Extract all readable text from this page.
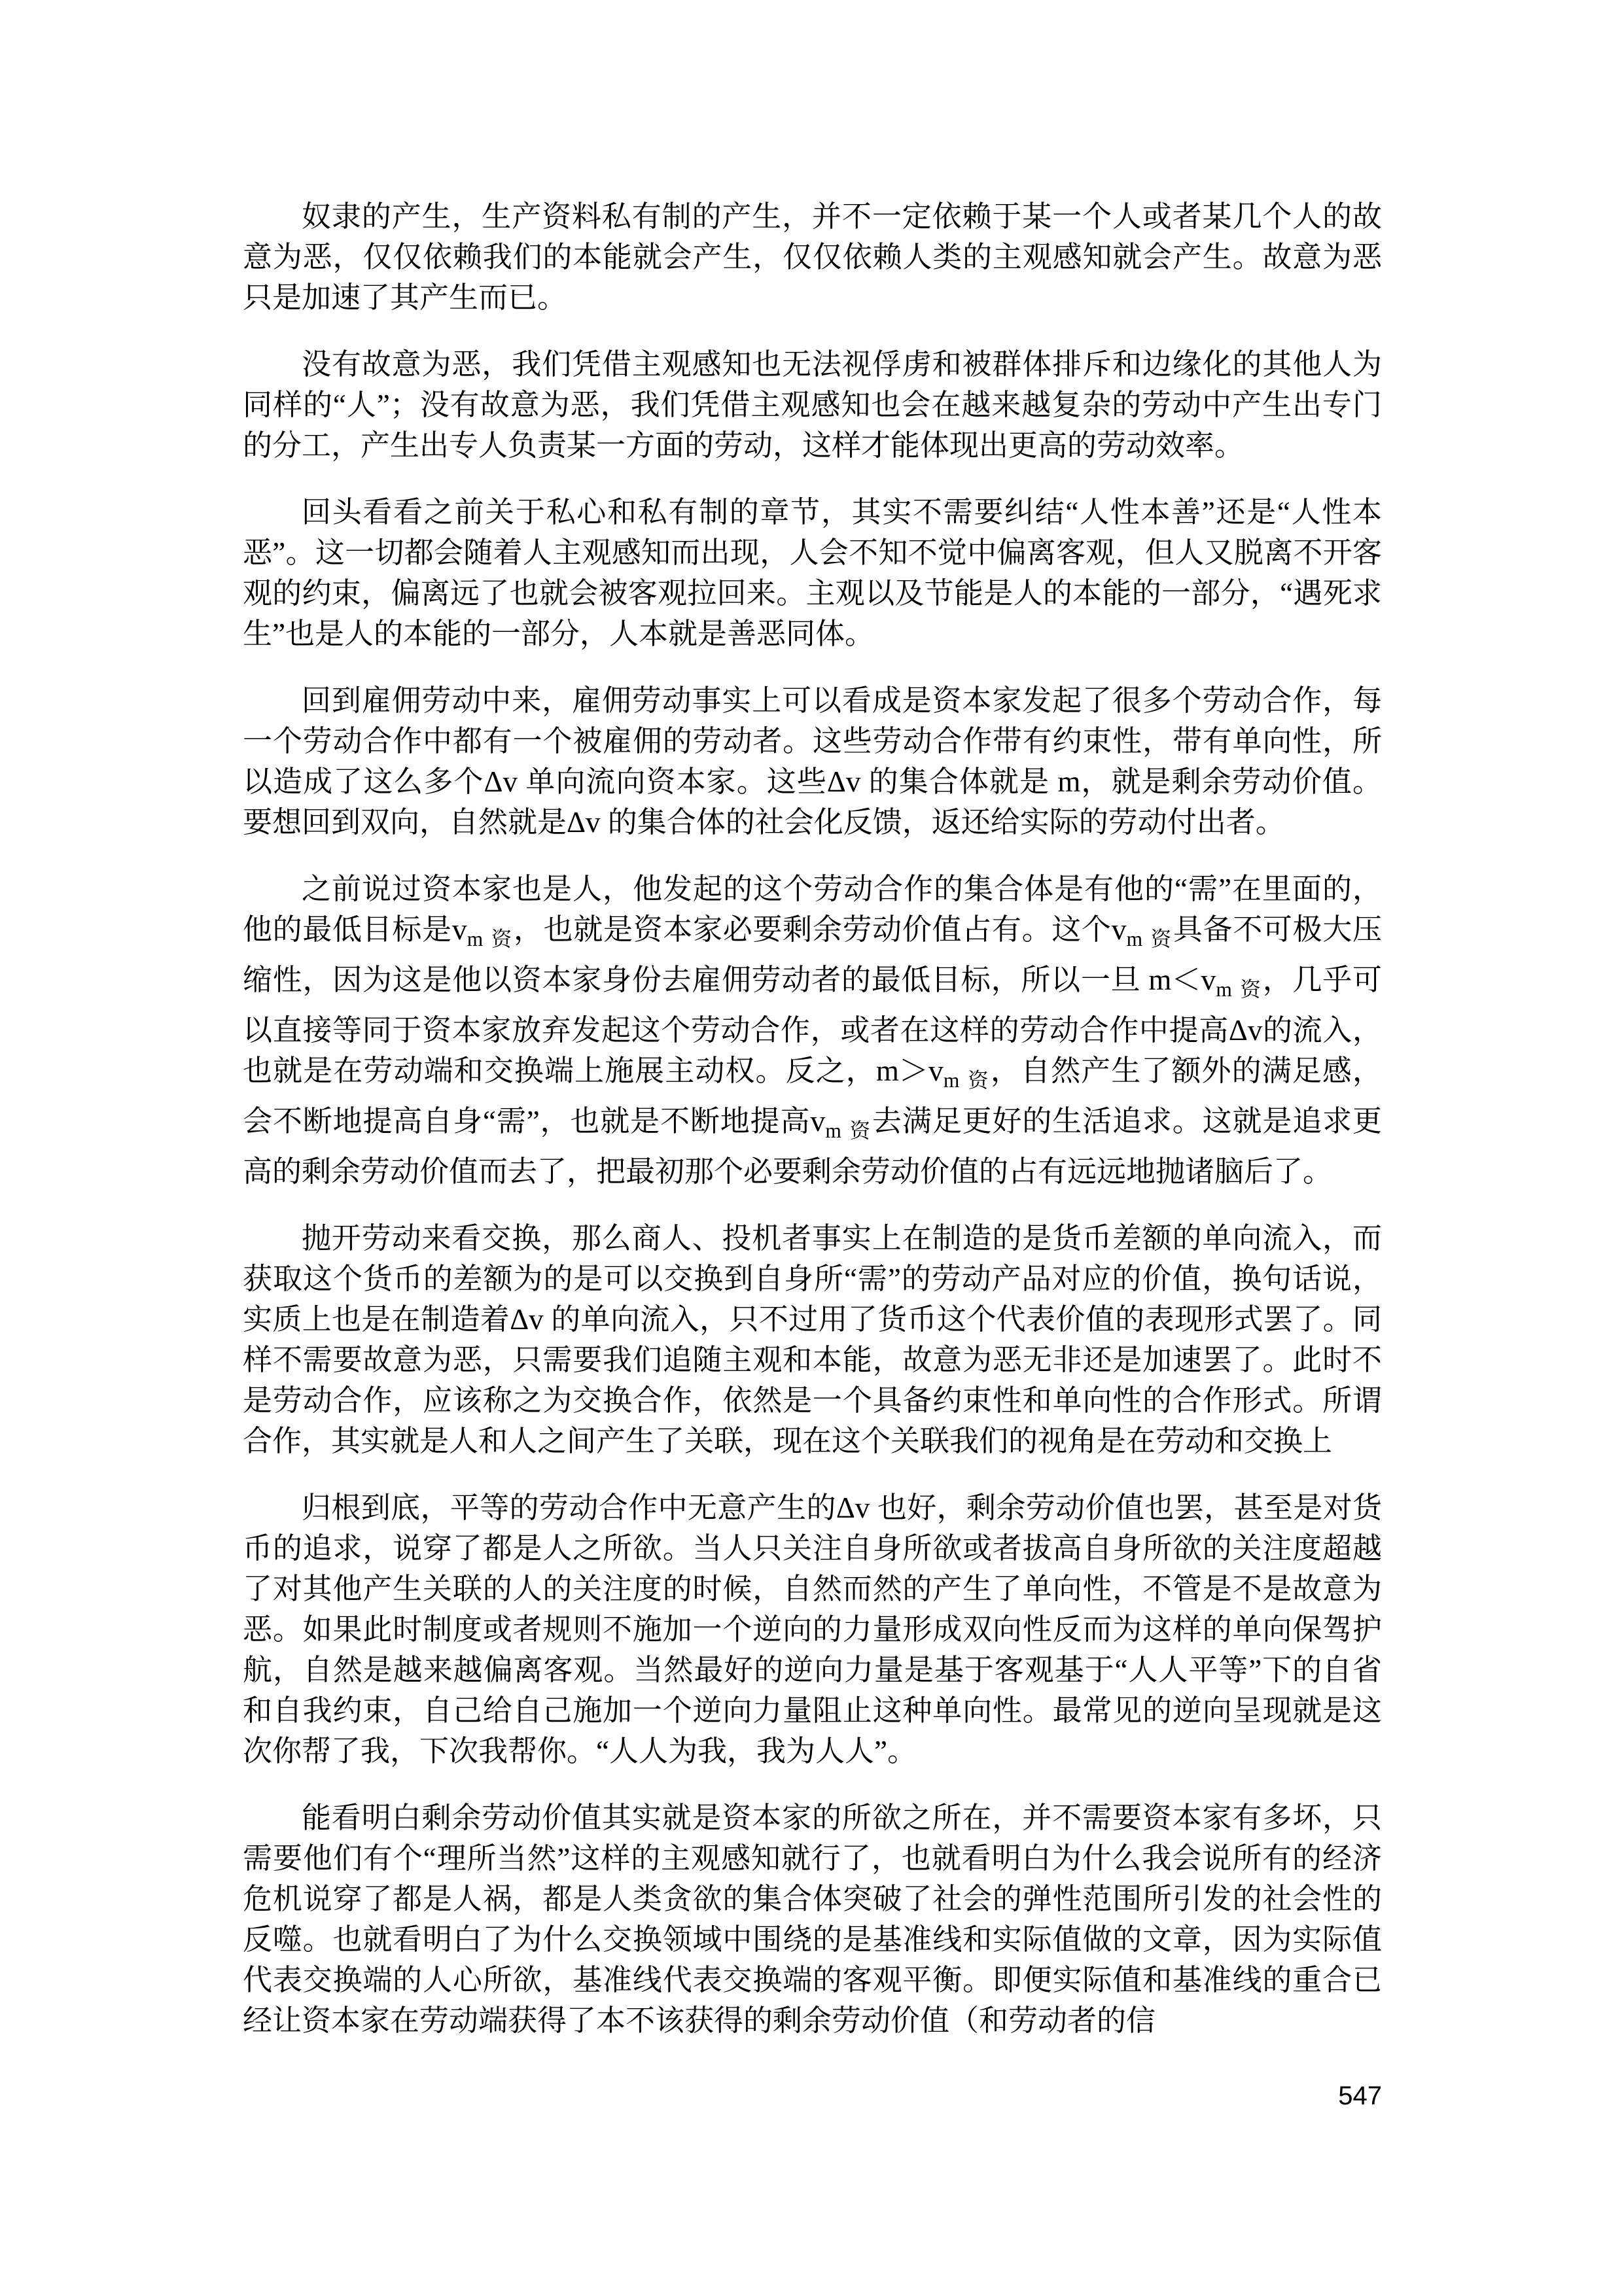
奴隶的产生，生产资料私有制的产生，并不一定依赖于某一个人或者某几个人的故意为恶，仅仅依赖我们的本能就会产生，仅仅依赖人类的主观感知就会产生。故意为恶只是加速了其产生而已。

没有故意为恶，我们凭借主观感知也无法视俘虏和被群体排斥和边缘化的其他人为同样的“人”；没有故意为恶，我们凭借主观感知也会在越来越复杂的劳动中产生出专门的分工，产生出专人负责某一方面的劳动，这样才能体现出更高的劳动效率。

回头看看之前关于私心和私有制的章节，其实不需要纠结“人性本善”还是“人性本恶”。这一切都会随着人主观感知而出现，人会不知不觉中偏离客观，但人又脱离不开客观的约束，偏离远了也就会被客观拉回来。主观以及节能是人的本能的一部分，“遇死求生”也是人的本能的一部分，人本就是善恶同体。

回到雇佣劳动中来，雇佣劳动事实上可以看成是资本家发起了很多个劳动合作，每一个劳动合作中都有一个被雇佣的劳动者。这些劳动合作带有约束性，带有单向性，所以造成了这么多个Δv 单向流向资本家。这些Δv 的集合体就是 m，就是剩余劳动价值。要想回到双向，自然就是Δv 的集合体的社会化反馈，返还给实际的劳动付出者。

之前说过资本家也是人，他发起的这个劳动合作的集合体是有他的“需”在里面的，他的最低目标是$v_{m 资}$，也就是资本家必要剩余劳动价值占有。这个$v_{m 资}$具备不可极大压缩性，因为这是他以资本家身份去雇佣劳动者的最低目标，所以一旦 $m<v_{m 资}$，几乎可以直接等同于资本家放弃发起这个劳动合作，或者在这样的劳动合作中提高Δv的流入，也就是在劳动端和交换端上施展主动权。反之，$m>v_{m 资}$，自然产生了额外的满足感，会不断地提高自身“需”，也就是不断地提高$v_{m 资}$去满足更好的生活追求。这就是追求更高的剩余劳动价值而去了，把最初那个必要剩余劳动价值的占有远远地抛诸脑后了。

抛开劳动来看交换，那么商人、投机者事实上在制造的是货币差额的单向流入，而获取这个货币的差额为的是可以交换到自身所“需”的劳动产品对应的价值，换句话说，实质上也是在制造着Δv 的单向流入，只不过用了货币这个代表价值的表现形式罢了。同样不需要故意为恶，只需要我们追随主观和本能，故意为恶无非还是加速罢了。此时不是劳动合作，应该称之为交换合作，依然是一个具备约束性和单向性的合作形式。所谓合作，其实就是人和人之间产生了关联，现在这个关联我们的视角是在劳动和交换上

归根到底，平等的劳动合作中无意产生的Δv 也好，剩余劳动价值也罢，甚至是对货币的追求，说穿了都是人之所欲。当人只关注自身所欲或者拔高自身所欲的关注度超越了对其他产生关联的人的关注度的时候，自然而然的产生了单向性，不管是不是故意为恶。如果此时制度或者规则不施加一个逆向的力量形成双向性反而为这样的单向保驾护航，自然是越来越偏离客观。当然最好的逆向力量是基于客观基于“人人平等”下的自省和自我约束，自己给自己施加一个逆向力量阻止这种单向性。最常见的逆向呈现就是这次你帮了我，下次我帮你。“人人为我，我为人人”。

能看明白剩余劳动价值其实就是资本家的所欲之所在，并不需要资本家有多坏，只需要他们有个“理所当然”这样的主观感知就行了，也就看明白为什么我会说所有的经济危机说穿了都是人祸，都是人类贪欲的集合体突破了社会的弹性范围所引发的社会性的反噬。也就看明白了为什么交换领域中围绕的是基准线和实际值做的文章，因为实际值代表交换端的人心所欲，基准线代表交换端的客观平衡。即便实际值和基准线的重合已经让资本家在劳动端获得了本不该获得的剩余劳动价值（和劳动者的信

547
